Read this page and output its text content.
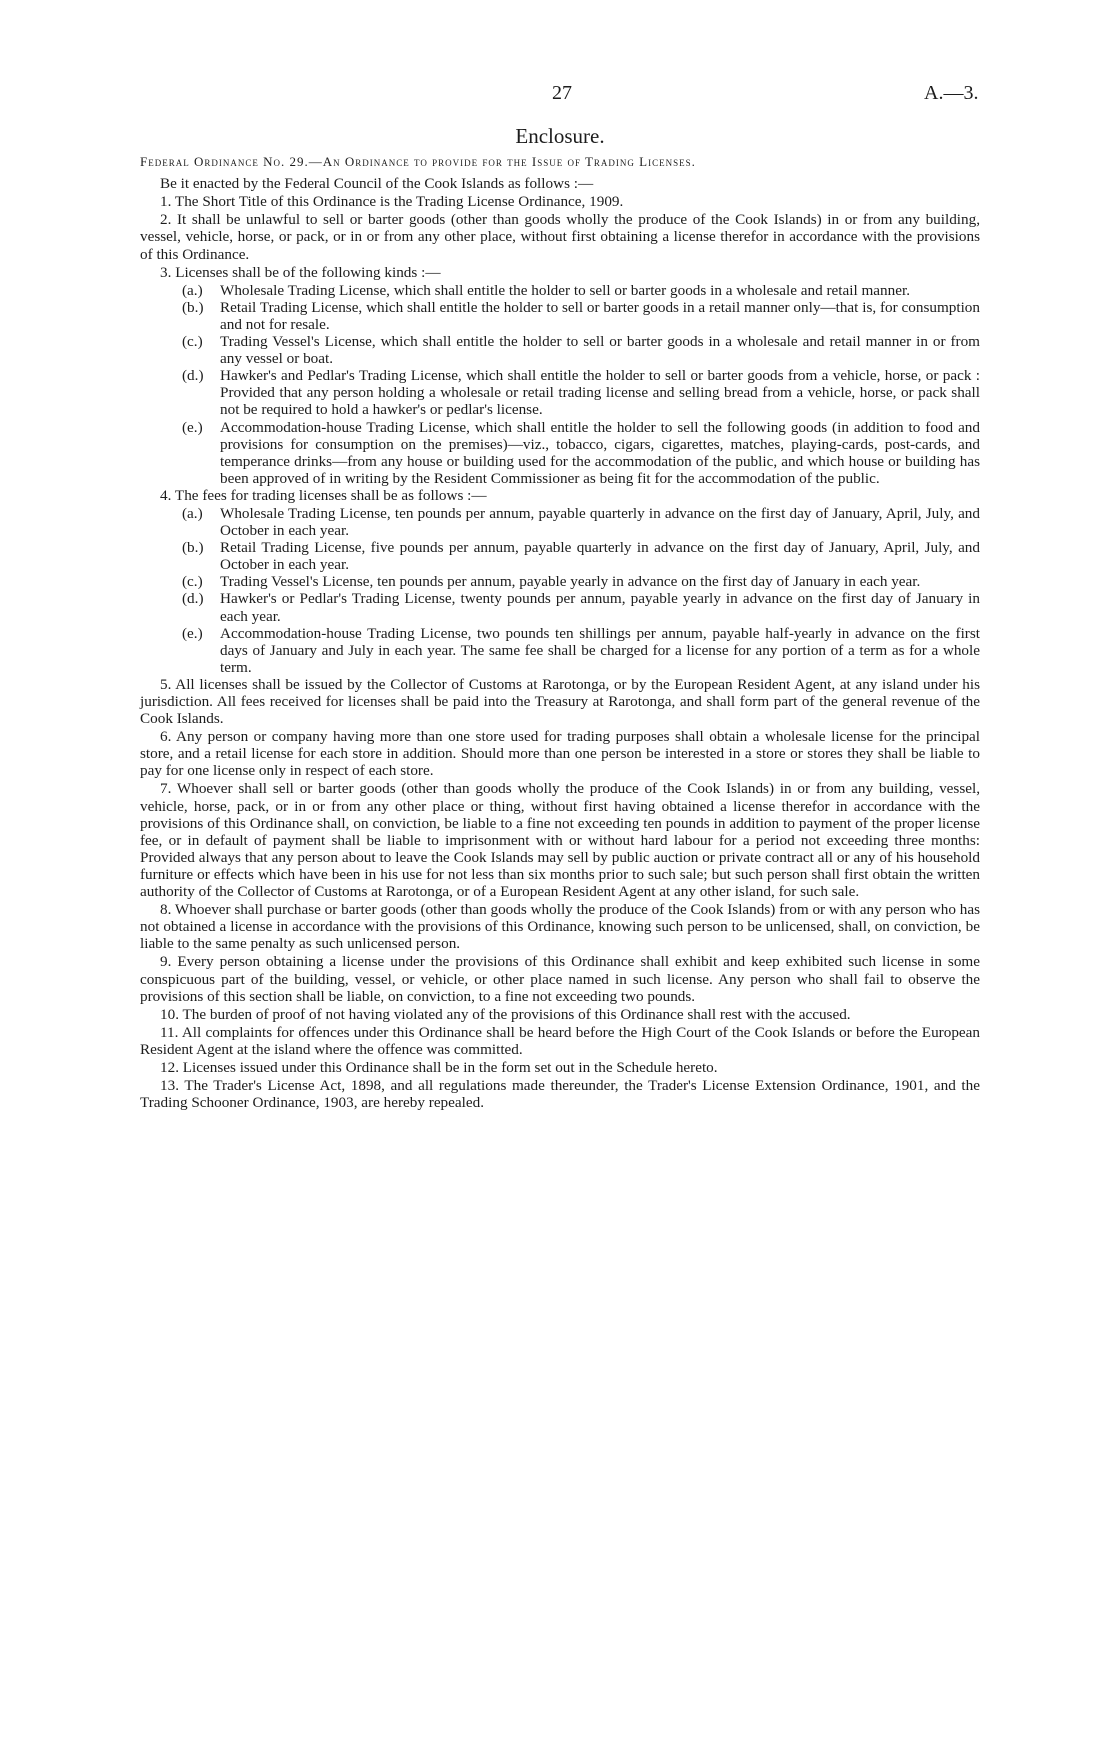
27	A.—3.
Enclosure.
Federal Ordinance No. 29.—An Ordinance to provide for the Issue of Trading Licenses.

Be it enacted by the Federal Council of the Cook Islands as follows :—

1. The Short Title of this Ordinance is the Trading License Ordinance, 1909.

2. It shall be unlawful to sell or barter goods (other than goods wholly the produce of the Cook Islands) in or from any building, vessel, vehicle, horse, or pack, or in or from any other place, without first obtaining a license therefor in accordance with the provisions of this Ordinance.

3. Licenses shall be of the following kinds :—

(a.) Wholesale Trading License, which shall entitle the holder to sell or barter goods in a wholesale and retail manner.

(b.) Retail Trading License, which shall entitle the holder to sell or barter goods in a retail manner only—that is, for consumption and not for resale.

(c.) Trading Vessel's License, which shall entitle the holder to sell or barter goods in a wholesale and retail manner in or from any vessel or boat.

(d.) Hawker's and Pedlar's Trading License, which shall entitle the holder to sell or barter goods from a vehicle, horse, or pack : Provided that any person holding a wholesale or retail trading license and selling bread from a vehicle, horse, or pack shall not be required to hold a hawker's or pedlar's license.

(e.) Accommodation-house Trading License, which shall entitle the holder to sell the following goods (in addition to food and provisions for consumption on the premises)—viz., tobacco, cigars, cigarettes, matches, playing-cards, post-cards, and temperance drinks—from any house or building used for the accommodation of the public, and which house or building has been approved of in writing by the Resident Commissioner as being fit for the accommodation of the public.

4. The fees for trading licenses shall be as follows :—

(a.) Wholesale Trading License, ten pounds per annum, payable quarterly in advance on the first day of January, April, July, and October in each year.

(b.) Retail Trading License, five pounds per annum, payable quarterly in advance on the first day of January, April, July, and October in each year.

(c.) Trading Vessel's License, ten pounds per annum, payable yearly in advance on the first day of January in each year.

(d.) Hawker's or Pedlar's Trading License, twenty pounds per annum, payable yearly in advance on the first day of January in each year.

(e.) Accommodation-house Trading License, two pounds ten shillings per annum, payable half-yearly in advance on the first days of January and July in each year. The same fee shall be charged for a license for any portion of a term as for a whole term.

5. All licenses shall be issued by the Collector of Customs at Rarotonga, or by the European Resident Agent, at any island under his jurisdiction. All fees received for licenses shall be paid into the Treasury at Rarotonga, and shall form part of the general revenue of the Cook Islands.

6. Any person or company having more than one store used for trading purposes shall obtain a wholesale license for the principal store, and a retail license for each store in addition. Should more than one person be interested in a store or stores they shall be liable to pay for one license only in respect of each store.

7. Whoever shall sell or barter goods (other than goods wholly the produce of the Cook Islands) in or from any building, vessel, vehicle, horse, pack, or in or from any other place or thing, without first having obtained a license therefor in accordance with the provisions of this Ordinance shall, on conviction, be liable to a fine not exceeding ten pounds in addition to payment of the proper license fee, or in default of payment shall be liable to imprisonment with or without hard labour for a period not exceeding three months: Provided always that any person about to leave the Cook Islands may sell by public auction or private contract all or any of his household furniture or effects which have been in his use for not less than six months prior to such sale; but such person shall first obtain the written authority of the Collector of Customs at Rarotonga, or of a European Resident Agent at any other island, for such sale.

8. Whoever shall purchase or barter goods (other than goods wholly the produce of the Cook Islands) from or with any person who has not obtained a license in accordance with the provisions of this Ordinance, knowing such person to be unlicensed, shall, on conviction, be liable to the same penalty as such unlicensed person.

9. Every person obtaining a license under the provisions of this Ordinance shall exhibit and keep exhibited such license in some conspicuous part of the building, vessel, or vehicle, or other place named in such license. Any person who shall fail to observe the provisions of this section shall be liable, on conviction, to a fine not exceeding two pounds.

10. The burden of proof of not having violated any of the provisions of this Ordinance shall rest with the accused.

11. All complaints for offences under this Ordinance shall be heard before the High Court of the Cook Islands or before the European Resident Agent at the island where the offence was committed.

12. Licenses issued under this Ordinance shall be in the form set out in the Schedule hereto.

13. The Trader's License Act, 1898, and all regulations made thereunder, the Trader's License Extension Ordinance, 1901, and the Trading Schooner Ordinance, 1903, are hereby repealed.
